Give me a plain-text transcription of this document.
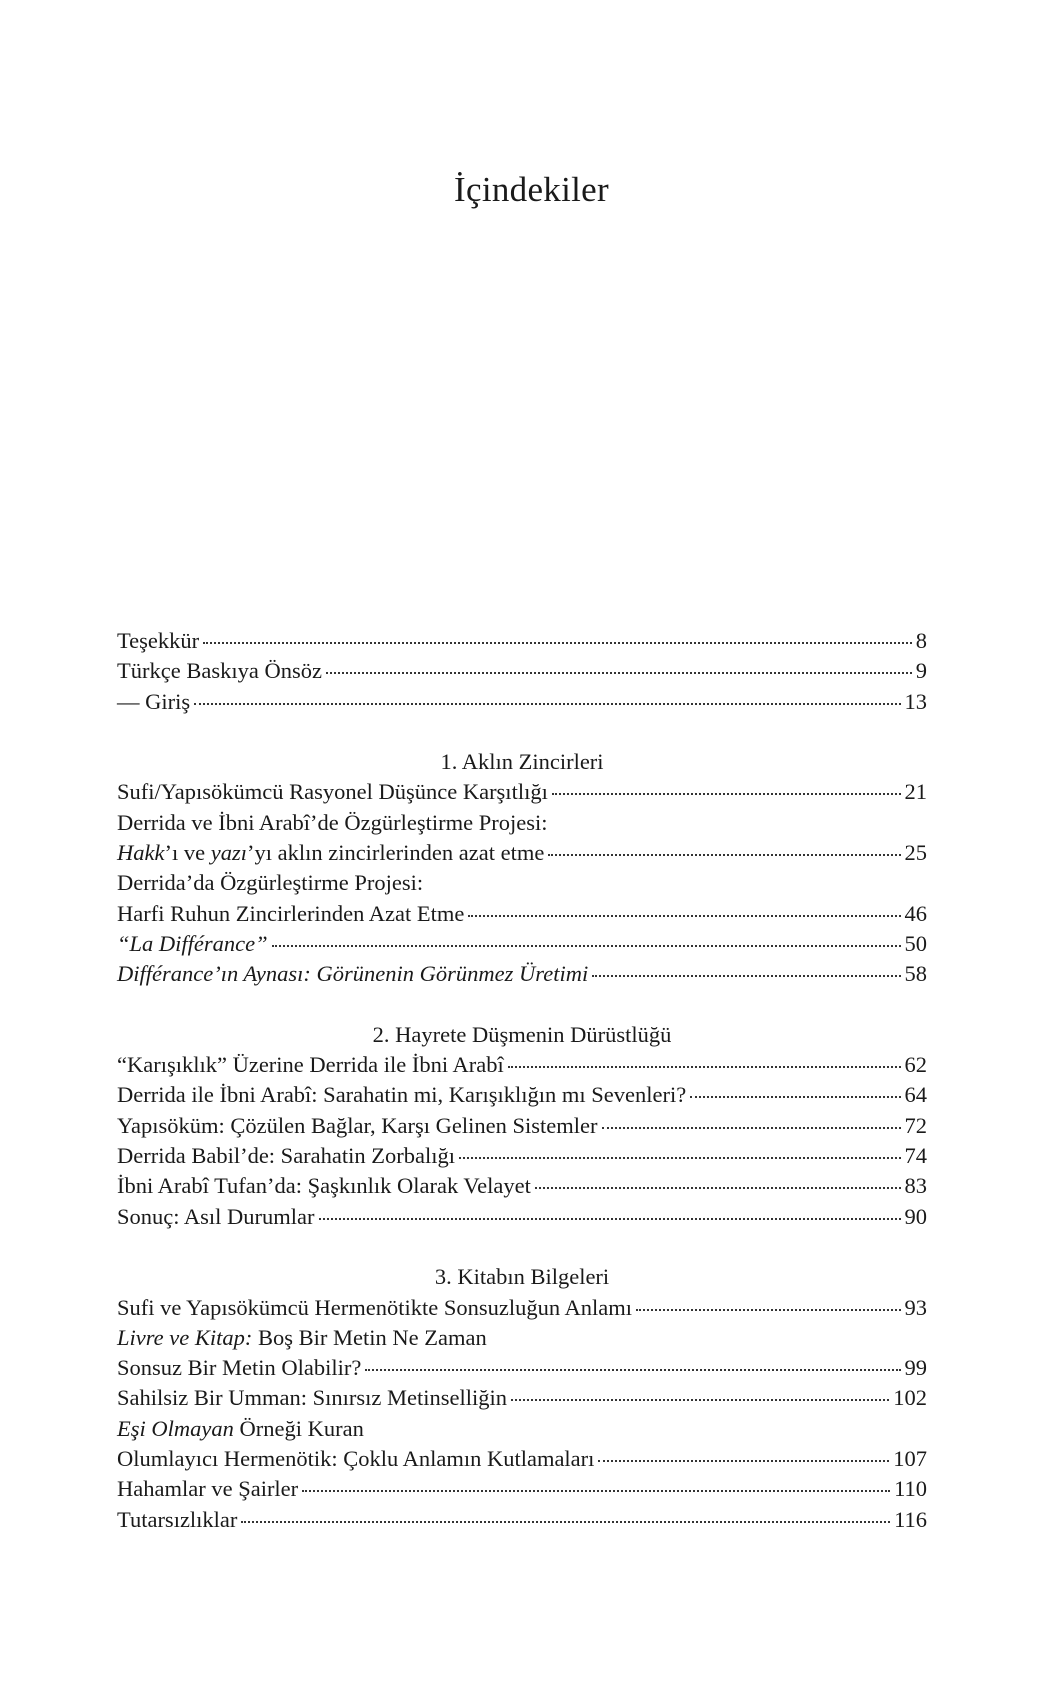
İçindekiler
Teşekkür	8
Türkçe Baskıya Önsöz	9
— Giriş	13
1. Aklın Zincirleri
Sufi/Yapısökümcü Rasyonel Düşünce Karşıtlığı	21
Derrida ve İbni Arabî’de Özgürleştirme Projesi:
Hakk’ı ve yazı’yı aklın zincirlerinden azat etme	25
Derrida’da Özgürleştirme Projesi:
Harfi Ruhun Zincirlerinden Azat Etme	46
“La Différance”	50
Différance’ın Aynası: Görünenin Görünmez Üretimi	58
2. Hayrete Düşmenin Dürüstlüğü
“Karışıklık” Üzerine Derrida ile İbni Arabî	62
Derrida ile İbni Arabî: Sarahatin mi, Karışıklığın mı Sevenleri?	64
Yapısöküm: Çözülen Bağlar, Karşı Gelinen Sistemler	72
Derrida Babil’de: Sarahatin Zorbalığı	74
İbni Arabî Tufan’da: Şaşkınlık Olarak Velayet	83
Sonuç: Asıl Durumlar	90
3. Kitabın Bilgeleri
Sufi ve Yapısökümcü Hermenötikte Sonsuzluğun Anlamı	93
Livre ve Kitap: Boş Bir Metin Ne Zaman
Sonsuz Bir Metin Olabilir?	99
Sahilsiz Bir Umman: Sınırsız Metinselliğin	102
Eşi Olmayan Örneği Kuran
Olumlayıcı Hermenötik: Çoklu Anlamın Kutlamaları	107
Hahamlar ve Şairler	110
Tutarsızlıklar	116
